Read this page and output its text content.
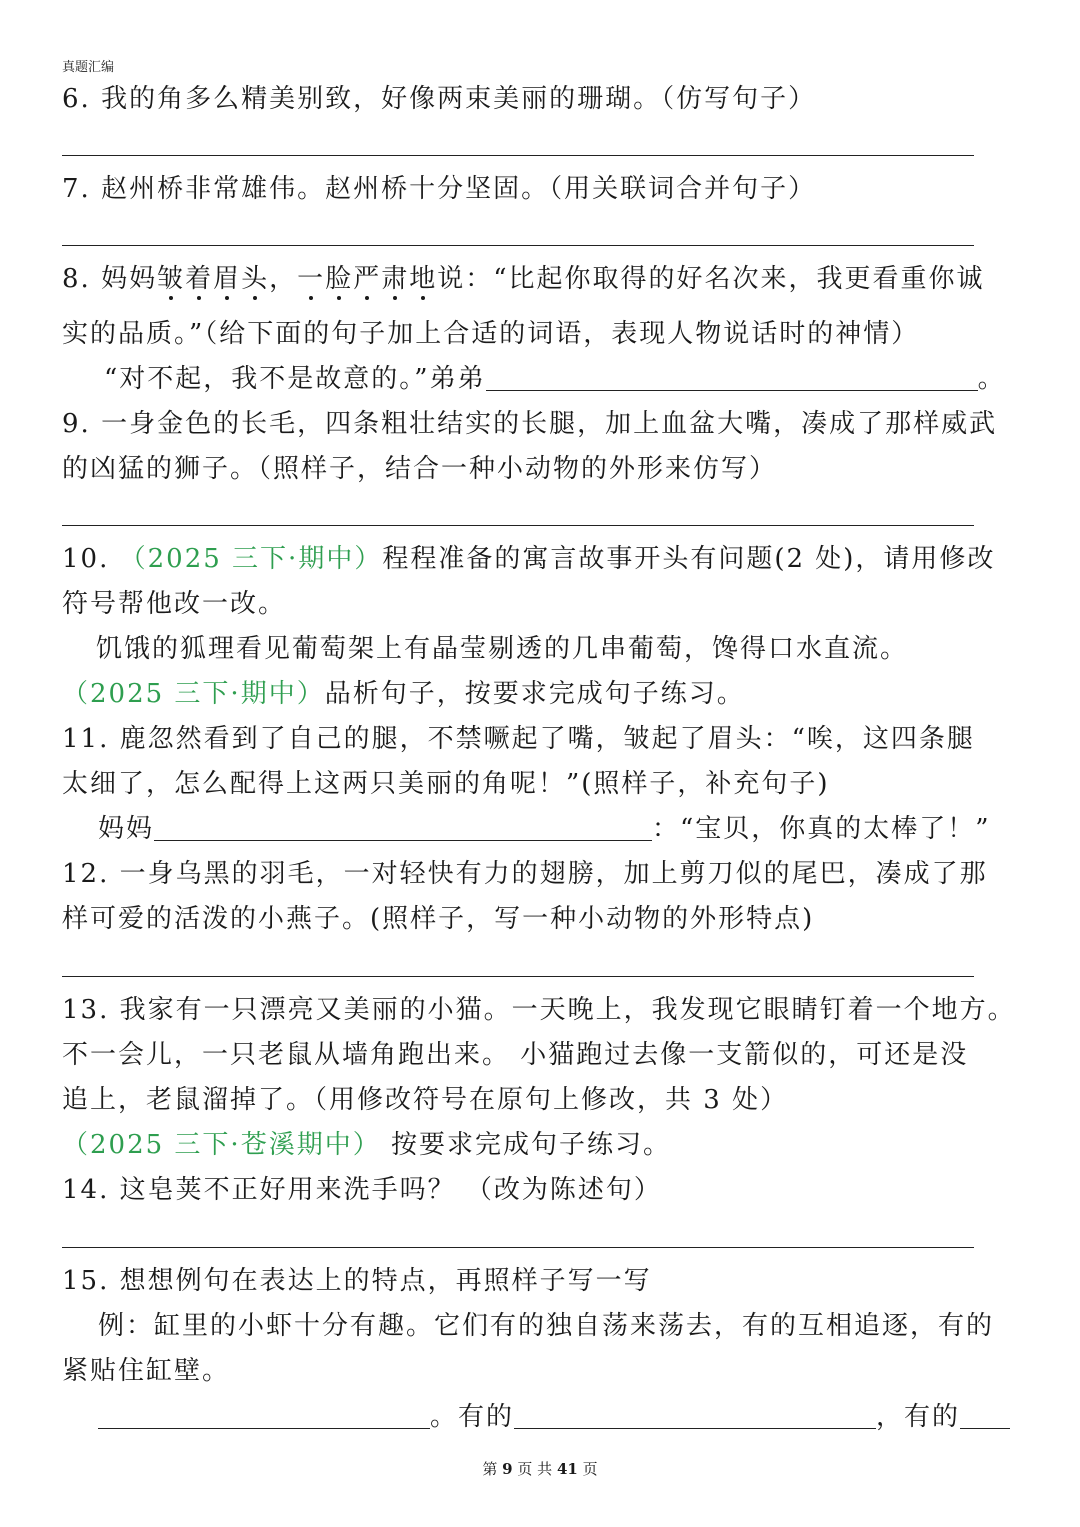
真题汇编
6. 我的角多么精美别致，好像两束美丽的珊瑚。（仿写句子）
7. 赵州桥非常雄伟。赵州桥十分坚固。（用关联词合并句子）
8. 妈妈皱着眉头，一脸严肃地说：“比起你取得的好名次来，我更看重你诚
实的品质。”（给下面的句子加上合适的词语，表现人物说话时的神情）
“对不起，我不是故意的。”弟弟	。
9. 一身金色的长毛，四条粗壮结实的长腿，加上血盆大嘴，凑成了那样威武
的凶猛的狮子。（照样子，结合一种小动物的外形来仿写）
10. （2025 三下·期中）程程准备的寓言故事开头有问题(2 处)，请用修改
符号帮他改一改。
饥饿的狐理看见葡萄架上有晶莹剔透的几串葡萄，馋得口水直流。
（2025 三下·期中）品析句子，按要求完成句子练习。
11. 鹿忽然看到了自己的腿，不禁噘起了嘴，皱起了眉头：“唉，这四条腿
太细了，怎么配得上这两只美丽的角呢！”(照样子，补充句子)
妈妈	：“宝贝，你真的太棒了！”
12. 一身乌黑的羽毛，一对轻快有力的翅膀，加上剪刀似的尾巴，凑成了那
样可爱的活泼的小燕子。(照样子，写一种小动物的外形特点)
13. 我家有一只漂亮又美丽的小猫。一天晚上，我发现它眼睛钉着一个地方。
不一会儿，一只老鼠从墙角跑出来。 小猫跑过去像一支箭似的，可还是没
追上，老鼠溜掉了。（用修改符号在原句上修改，共 3 处）
（2025 三下·苍溪期中） 按要求完成句子练习。
14. 这皂荚不正好用来洗手吗？ （改为陈述句）
15. 想想例句在表达上的特点，再照样子写一写
例：缸里的小虾十分有趣。它们有的独自荡来荡去，有的互相追逐，有的
紧贴住缸壁。
。有的	，有的
第 9 页 共 41 页
